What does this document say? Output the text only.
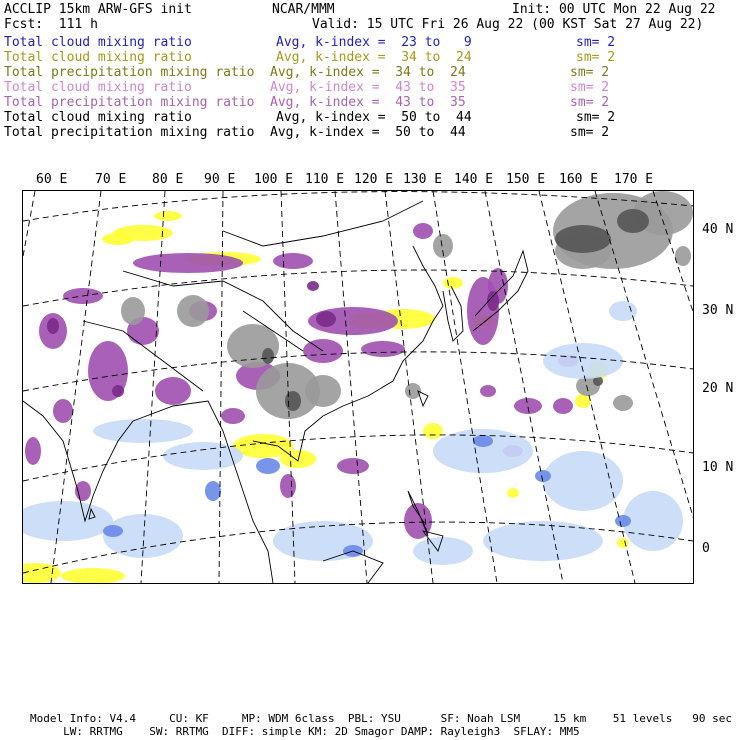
ACCLIP 15km ARW-GFS init	NCAR/MMM	Init: 00 UTC Mon 22 Aug 22
Fcst:  111 h	Valid: 15 UTC Fri 26 Aug 22 (00 KST Sat 27 Aug 22)
Total cloud mixing ratio	Avg, k-index =  23 to   9	sm= 2
Total cloud mixing ratio	Avg, k-index =  34 to  24	sm= 2
Total precipitation mixing ratio Avg, k-index =  34 to  24	sm= 2
Total cloud mixing ratio	Avg, k-index =  43 to  35	sm= 2
Total precipitation mixing ratio Avg, k-index =  43 to  35	sm= 2
Total cloud mixing ratio	Avg, k-index =  50 to  44	sm= 2
Total precipitation mixing ratio Avg, k-index =  50 to  44	sm= 2
60 E 70 E 80 E 90 E 100 E 110 E 120 E 130 E 140 E 150 E 160 E 170 E
40 N
30 N
20 N
10 N
0
Model Info: V4.4     CU: KF     MP: WDM 6class  PBL: YSU      SF: Noah LSM     15 km    51 levels   90 sec
LW: RRTMG    SW: RRTMG  DIFF: simple KM: 2D Smagor DAMP: Rayleigh3  SFLAY: MM5
